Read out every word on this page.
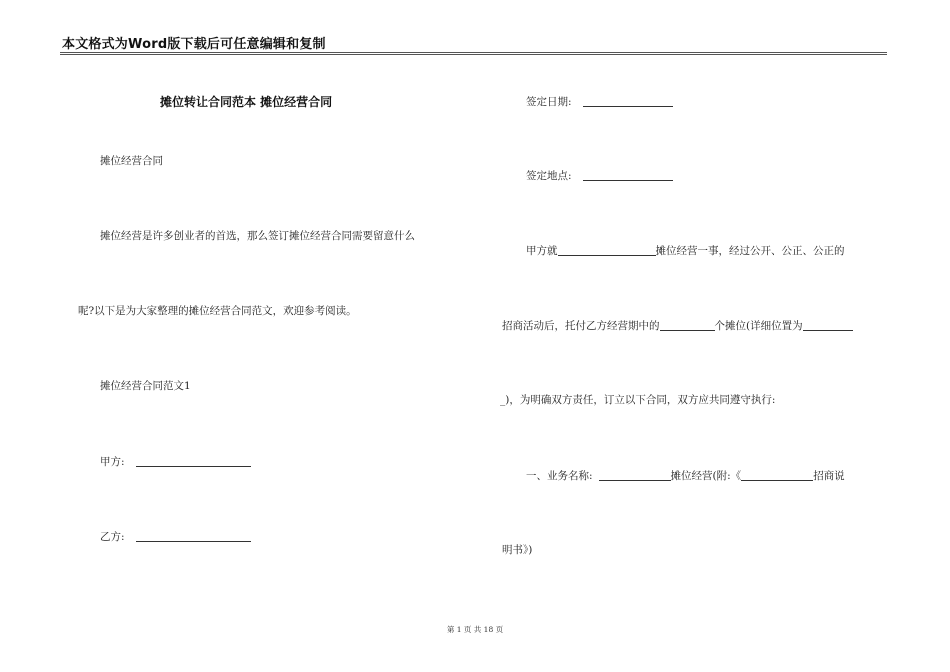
本文格式为Word版下载后可任意编辑和复制
摊位转让合同范本 摊位经营合同
摊位经营合同
摊位经营是许多创业者的首选，那么签订摊位经营合同需要留意什么
呢?以下是为大家整理的摊位经营合同范文，欢迎参考阅读。
摊位经营合同范文1
甲方:
乙方:
签定日期:
签定地点:
甲方就	摊位经营一事，经过公开、公正、公正的
招商活动后，托付乙方经营期中的	个摊位(详细位置为
_)，为明确双方责任，订立以下合同，双方应共同遵守执行:
一、业务名称:	摊位经营(附:《	招商说
明书》)
第 1 页 共 18 页
